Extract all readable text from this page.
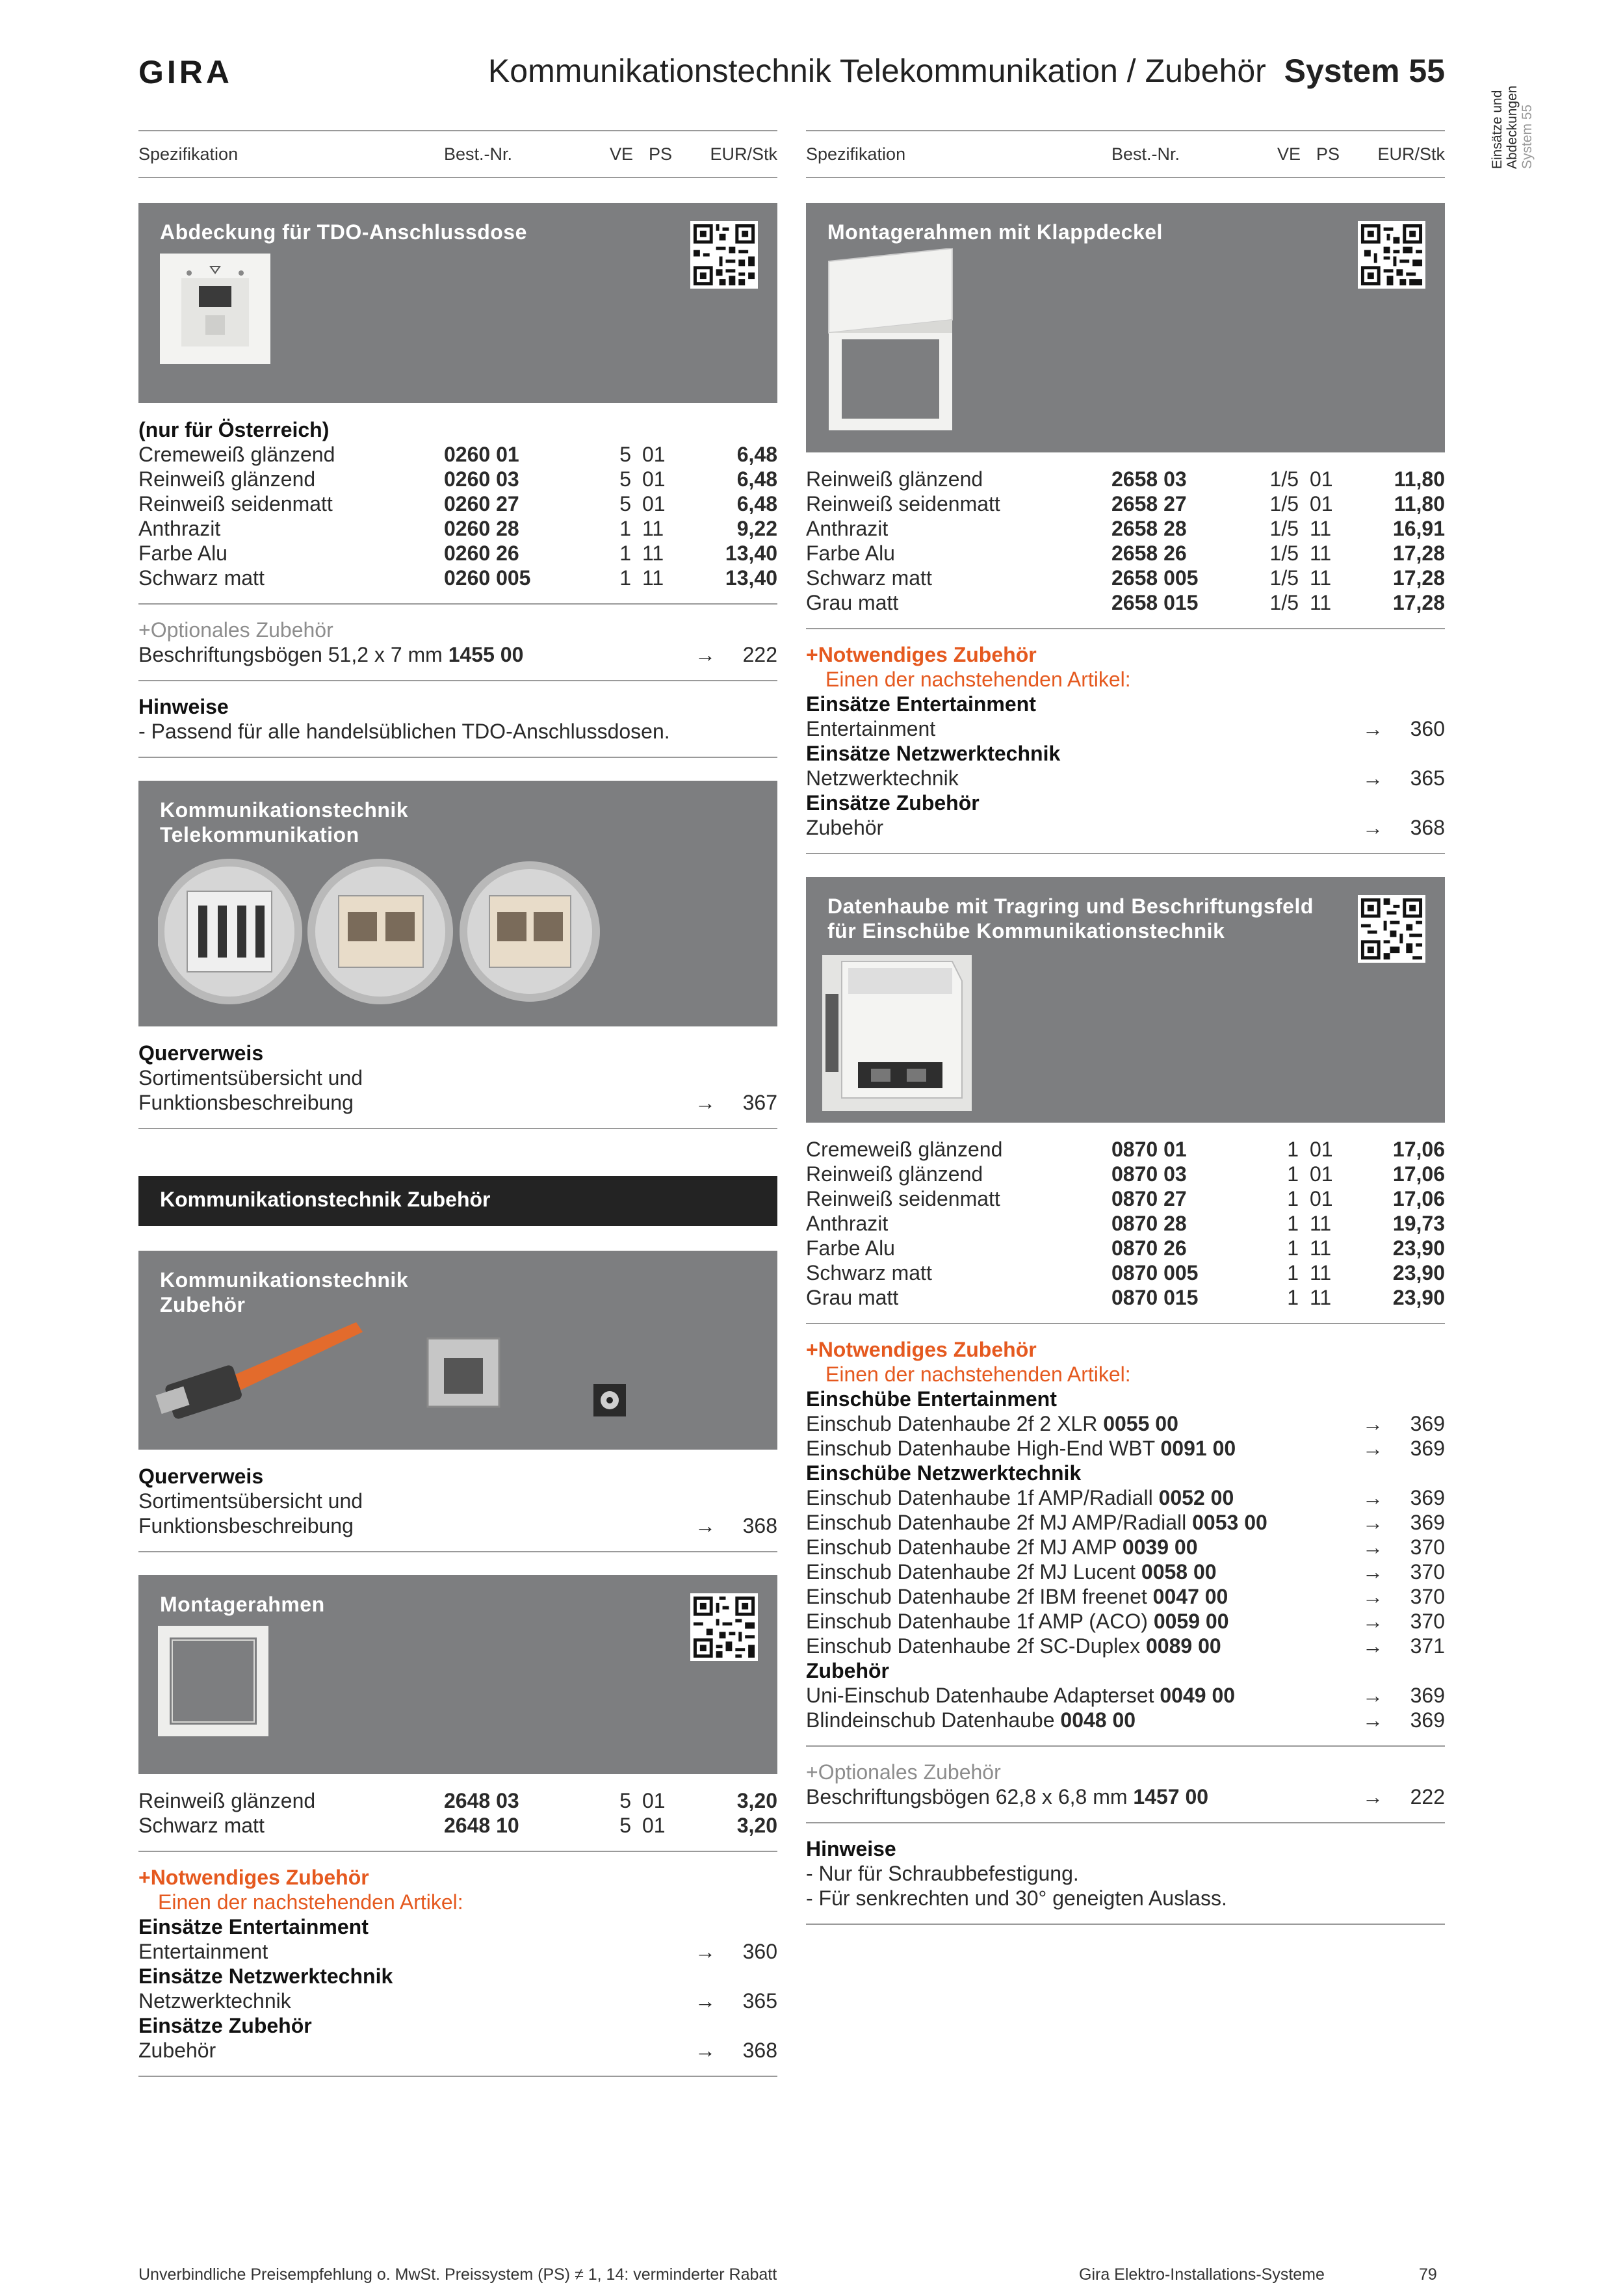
GIRA	Kommunikationstechnik Telekommunikation / Zubehör System 55
Einsätze und Abdeckungen System 55
Spezifikation	Best.-Nr.	VE PS EUR/Stk
Abdeckung für TDO-Anschlussdose
(nur für Österreich)
Cremeweiß glänzend	0260 01	5 01	6,48
Reinweiß glänzend	0260 03	5 01	6,48
Reinweiß seidenmatt	0260 27	5 01	6,48
Anthrazit	0260 28	1 11	9,22
Farbe Alu	0260 26	1 11	13,40
Schwarz matt	0260 005	1 11	13,40
+Optionales Zubehör
Beschriftungsbögen 51,2 x 7 mm 1455 00	→ 222
Hinweise
- Passend für alle handelsüblichen TDO-Anschlussdosen.
Kommunikationstechnik
Telekommunikation
Querverweis
Sortimentsübersicht und
Funktionsbeschreibung	→ 367
Kommunikationstechnik Zubehör
Kommunikationstechnik
Zubehör
Querverweis
Sortimentsübersicht und
Funktionsbeschreibung	→ 368
Montagerahmen
Reinweiß glänzend	2648 03	5 01	3,20
Schwarz matt	2648 10	5 01	3,20
+Notwendiges Zubehör
Einen der nachstehenden Artikel:
Einsätze Entertainment
Entertainment	→ 360
Einsätze Netzwerktechnik
Netzwerktechnik	→ 365
Einsätze Zubehör
Zubehör	→ 368
Spezifikation	Best.-Nr.	VE PS EUR/Stk
Montagerahmen mit Klappdeckel
Reinweiß glänzend	2658 03	1/5 01	11,80
Reinweiß seidenmatt	2658 27	1/5 01	11,80
Anthrazit	2658 28	1/5 11	16,91
Farbe Alu	2658 26	1/5 11	17,28
Schwarz matt	2658 005	1/5 11	17,28
Grau matt	2658 015	1/5 11	17,28
+Notwendiges Zubehör
Einen der nachstehenden Artikel:
Einsätze Entertainment
Entertainment	→ 360
Einsätze Netzwerktechnik
Netzwerktechnik	→ 365
Einsätze Zubehör
Zubehör	→ 368
Datenhaube mit Tragring und Beschriftungsfeld
für Einschübe Kommunikationstechnik
Cremeweiß glänzend	0870 01	1 01	17,06
Reinweiß glänzend	0870 03	1 01	17,06
Reinweiß seidenmatt	0870 27	1 01	17,06
Anthrazit	0870 28	1 11	19,73
Farbe Alu	0870 26	1 11	23,90
Schwarz matt	0870 005	1 11	23,90
Grau matt	0870 015	1 11	23,90
+Notwendiges Zubehör
Einen der nachstehenden Artikel:
Einschübe Entertainment
Einschub Datenhaube 2f 2 XLR 0055 00	→ 369
Einschub Datenhaube High-End WBT 0091 00	→ 369
Einschübe Netzwerktechnik
Einschub Datenhaube 1f AMP/Radiall 0052 00	→ 369
Einschub Datenhaube 2f MJ AMP/Radiall 0053 00	→ 369
Einschub Datenhaube 2f MJ AMP 0039 00	→ 370
Einschub Datenhaube 2f MJ Lucent 0058 00	→ 370
Einschub Datenhaube 2f IBM freenet 0047 00	→ 370
Einschub Datenhaube 1f AMP (ACO) 0059 00	→ 370
Einschub Datenhaube 2f SC-Duplex 0089 00	→ 371
Zubehör
Uni-Einschub Datenhaube Adapterset 0049 00	→ 369
Blindeinschub Datenhaube 0048 00	→ 369
+Optionales Zubehör
Beschriftungsbögen 62,8 x 6,8 mm 1457 00	→ 222
Hinweise
- Nur für Schraubbefestigung.
- Für senkrechten und 30° geneigten Auslass.
Unverbindliche Preisempfehlung o. MwSt. Preissystem (PS) ≠ 1, 14: verminderter Rabatt	Gira Elektro-Installations-Systeme	79
